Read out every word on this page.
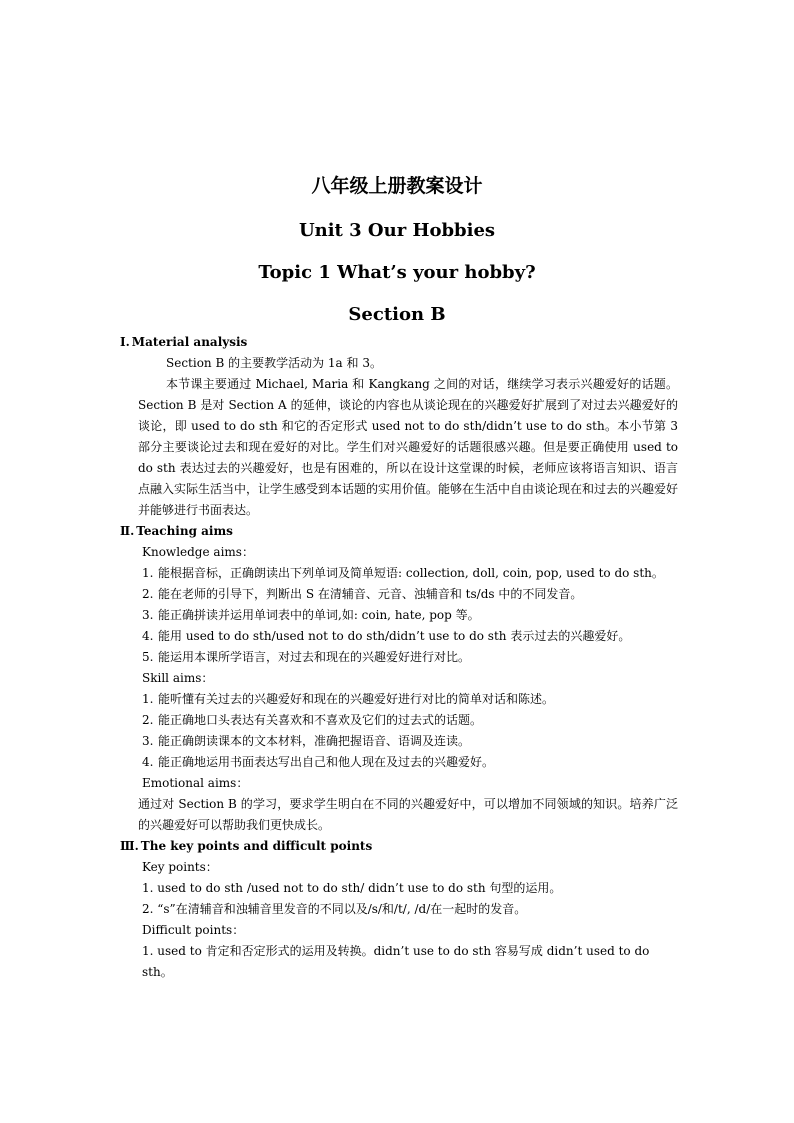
八年级上册教案设计
Unit 3 Our Hobbies
Topic 1 What’s your hobby?
Section B

Ⅰ. Material analysis

Section B 的主要教学活动为 1a 和 3。

本节课主要通过 Michael, Maria 和 Kangkang 之间的对话，继续学习表示兴趣爱好的话题。Section B 是对 Section A 的延伸，谈论的内容也从谈论现在的兴趣爱好扩展到了对过去兴趣爱好的谈论，即 used to do sth 和它的否定形式 used not to do sth/didn’t use to do sth。本小节第 3部分主要谈论过去和现在爱好的对比。学生们对兴趣爱好的话题很感兴趣。但是要正确使用 used to do sth 表达过去的兴趣爱好，也是有困难的，所以在设计这堂课的时候，老师应该将语言知识、语言点融入实际生活当中，让学生感受到本话题的实用价值。能够在生活中自由谈论现在和过去的兴趣爱好并能够进行书面表达。

Ⅱ. Teaching aims

Knowledge aims：

1. 能根据音标，正确朗读出下列单词及简单短语: collection, doll, coin, pop, used to do sth。

2. 能在老师的引导下，判断出 S 在清辅音、元音、浊辅音和 ts/ds 中的不同发音。

3. 能正确拼读并运用单词表中的单词,如: coin, hate, pop 等。

4. 能用 used to do sth/used not to do sth/didn’t use to do sth 表示过去的兴趣爱好。

5. 能运用本课所学语言，对过去和现在的兴趣爱好进行对比。

Skill aims：

1. 能听懂有关过去的兴趣爱好和现在的兴趣爱好进行对比的简单对话和陈述。

2. 能正确地口头表达有关喜欢和不喜欢及它们的过去式的话题。

3. 能正确朗读课本的文本材料，准确把握语音、语调及连读。

4. 能正确地运用书面表达写出自己和他人现在及过去的兴趣爱好。

Emotional aims：

通过对 Section B 的学习，要求学生明白在不同的兴趣爱好中，可以增加不同领域的知识。培养广泛的兴趣爱好可以帮助我们更快成长。

Ⅲ. The key points and difficult points

Key points：

1. used to do sth /used not to do sth/ didn’t use to do sth 句型的运用。

2. “s”在清辅音和浊辅音里发音的不同以及/s/和/t/, /d/在一起时的发音。

Difficult points：

1. used to 肯定和否定形式的运用及转换。didn’t use to do sth 容易写成 didn’t used to do sth。
